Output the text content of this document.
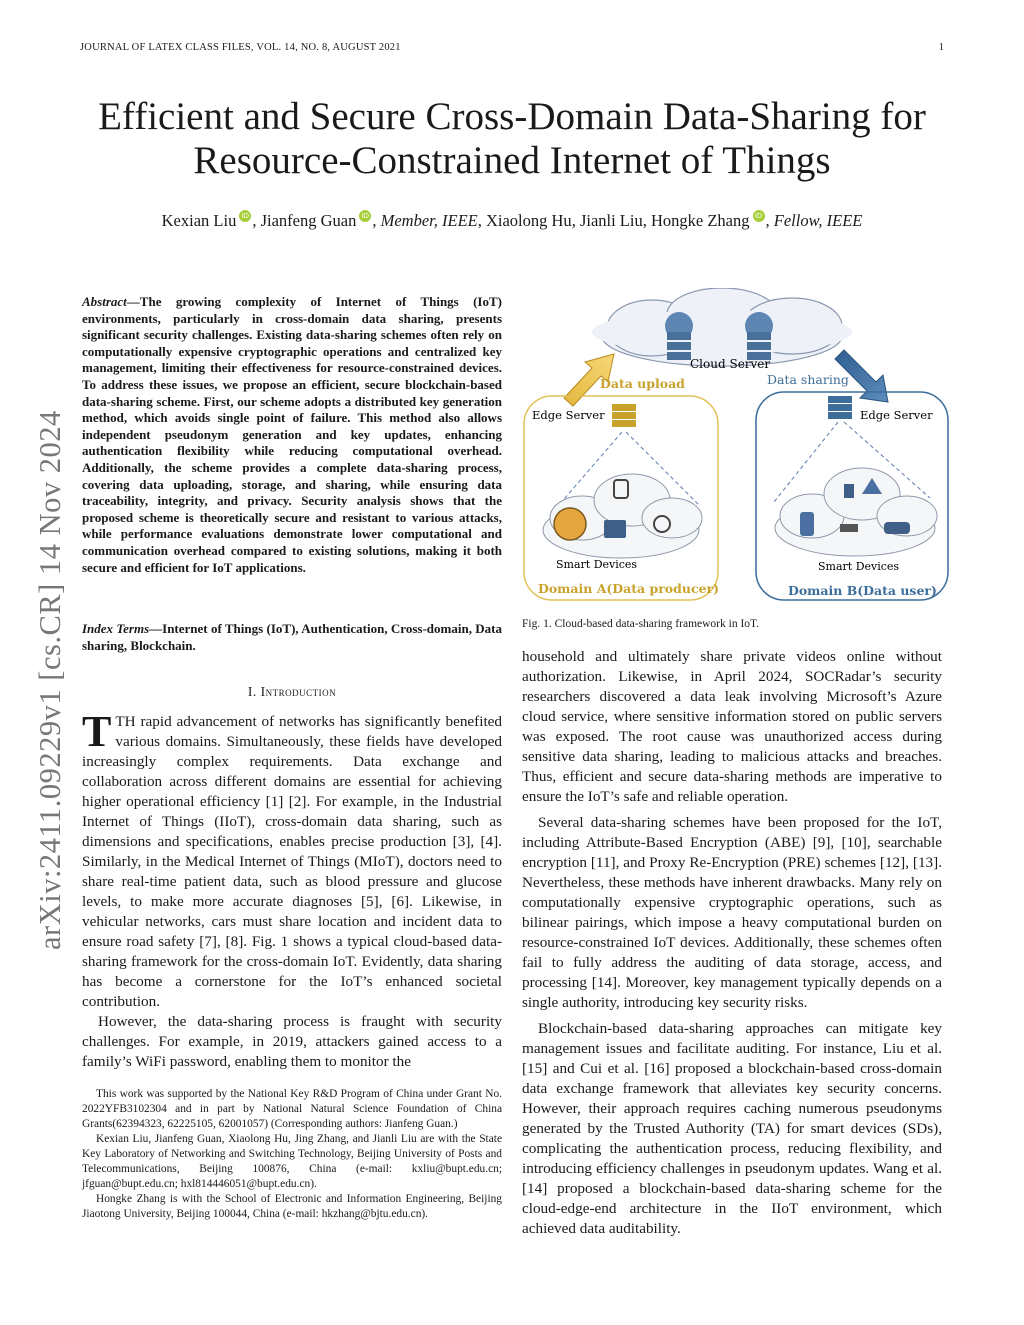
JOURNAL OF LATEX CLASS FILES, VOL. 14, NO. 8, AUGUST 2021	1
Efficient and Secure Cross-Domain Data-Sharing for Resource-Constrained Internet of Things
Kexian Liu iD , Jianfeng Guan iD , Member, IEEE, Xiaolong Hu, Jianli Liu, Hongke Zhang iD , Fellow, IEEE
arXiv:2411.09229v1 [cs.CR] 14 Nov 2024
Abstract—The growing complexity of Internet of Things (IoT) environments, particularly in cross-domain data sharing, presents significant security challenges. Existing data-sharing schemes often rely on computationally expensive cryptographic operations and centralized key management, limiting their effectiveness for resource-constrained devices. To address these issues, we propose an efficient, secure blockchain-based data-sharing scheme. First, our scheme adopts a distributed key generation method, which avoids single point of failure. This method also allows independent pseudonym generation and key updates, enhancing authentication flexibility while reducing computational overhead. Additionally, the scheme provides a complete data-sharing process, covering data uploading, storage, and sharing, while ensuring data traceability, integrity, and privacy. Security analysis shows that the proposed scheme is theoretically secure and resistant to various attacks, while performance evaluations demonstrate lower computational and communication overhead compared to existing solutions, making it both secure and efficient for IoT applications.
Index Terms—Internet of Things (IoT), Authentication, Cross-domain, Data sharing, Blockchain.
I. Introduction

TTH rapid advancement of networks has significantly benefited various domains. Simultaneously, these fields have developed increasingly complex requirements. Data exchange and collaboration across different domains are essential for achieving higher operational efficiency [1] [2]. For example, in the Industrial Internet of Things (IIoT), cross-domain data sharing, such as dimensions and specifications, enables precise production [3], [4]. Similarly, in the Medical Internet of Things (MIoT), doctors need to share real-time patient data, such as blood pressure and glucose levels, to make more accurate diagnoses [5], [6]. Likewise, in vehicular networks, cars must share location and incident data to ensure road safety [7], [8]. Fig. 1 shows a typical cloud-based data-sharing framework for the cross-domain IoT. Evidently, data sharing has become a cornerstone for the IoT’s enhanced societal contribution.

However, the data-sharing process is fraught with security challenges. For example, in 2019, attackers gained access to a family’s WiFi password, enabling them to monitor the

This work was supported by the National Key R&D Program of China under Grant No. 2022YFB3102304 and in part by National Natural Science Foundation of China Grants(62394323, 62225105, 62001057) (Corresponding authors: Jianfeng Guan.)

Kexian Liu, Jianfeng Guan, Xiaolong Hu, Jing Zhang, and Jianli Liu are with the State Key Laboratory of Networking and Switching Technology, Beijing University of Posts and Telecommunications, Beijing 100876, China (e-mail: kxliu@bupt.edu.cn; jfguan@bupt.edu.cn; hxl814446051@bupt.edu.cn).

Hongke Zhang is with the School of Electronic and Information Engineering, Beijing Jiaotong University, Beijing 100044, China (e-mail: hkzhang@bjtu.edu.cn).

Cloud Server
Data upload	Data sharing
Edge Server	Edge Server
Smart Devices	Smart Devices
Domain A(Data producer)	Domain B(Data user)
Fig. 1. Cloud-based data-sharing framework in IoT.

household and ultimately share private videos online without authorization. Likewise, in April 2024, SOCRadar’s security researchers discovered a data leak involving Microsoft’s Azure cloud service, where sensitive information stored on public servers was exposed. The root cause was unauthorized access during sensitive data sharing, leading to malicious attacks and breaches. Thus, efficient and secure data-sharing methods are imperative to ensure the IoT’s safe and reliable operation.

Several data-sharing schemes have been proposed for the IoT, including Attribute-Based Encryption (ABE) [9], [10], searchable encryption [11], and Proxy Re-Encryption (PRE) schemes [12], [13]. Nevertheless, these methods have inherent drawbacks. Many rely on computationally expensive cryptographic operations, such as bilinear pairings, which impose a heavy computational burden on resource-constrained IoT devices. Additionally, these schemes often fail to fully address the auditing of data storage, access, and processing [14]. Moreover, key management typically depends on a single authority, introducing key security risks.

Blockchain-based data-sharing approaches can mitigate key management issues and facilitate auditing. For instance, Liu et al. [15] and Cui et al. [16] proposed a blockchain-based cross-domain data exchange framework that alleviates key security concerns. However, their approach requires caching numerous pseudonyms generated by the Trusted Authority (TA) for smart devices (SDs), complicating the authentication process, reducing flexibility, and introducing efficiency challenges in pseudonym updates. Wang et al. [14] proposed a blockchain-based data-sharing scheme for the cloud-edge-end architecture in the IIoT environment, which achieved data auditability.
